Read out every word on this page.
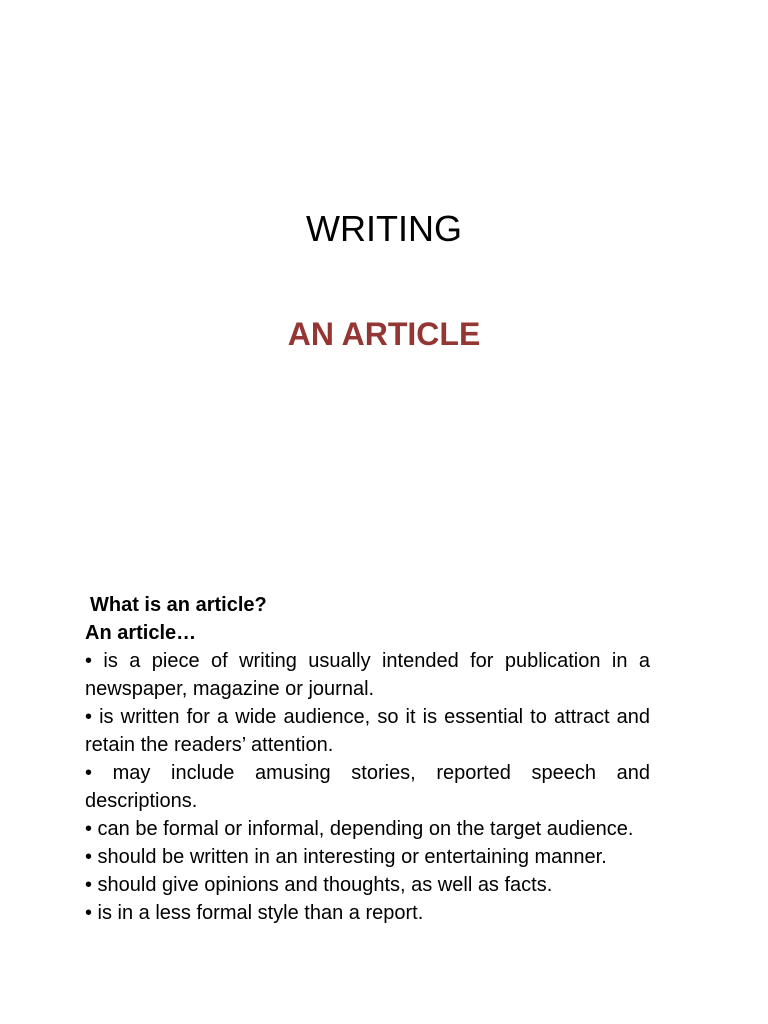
WRITING
AN ARTICLE

What is an article?

An article…

• is a piece of writing usually intended for publication in a newspaper, magazine or journal.
• is written for a wide audience, so it is essential to attract and retain the readers’ attention.
• may include amusing stories, reported speech and descriptions.
• can be formal or informal, depending on the target audience.
• should be written in an interesting or entertaining manner.
• should give opinions and thoughts, as well as facts.
• is in a less formal style than a report.
